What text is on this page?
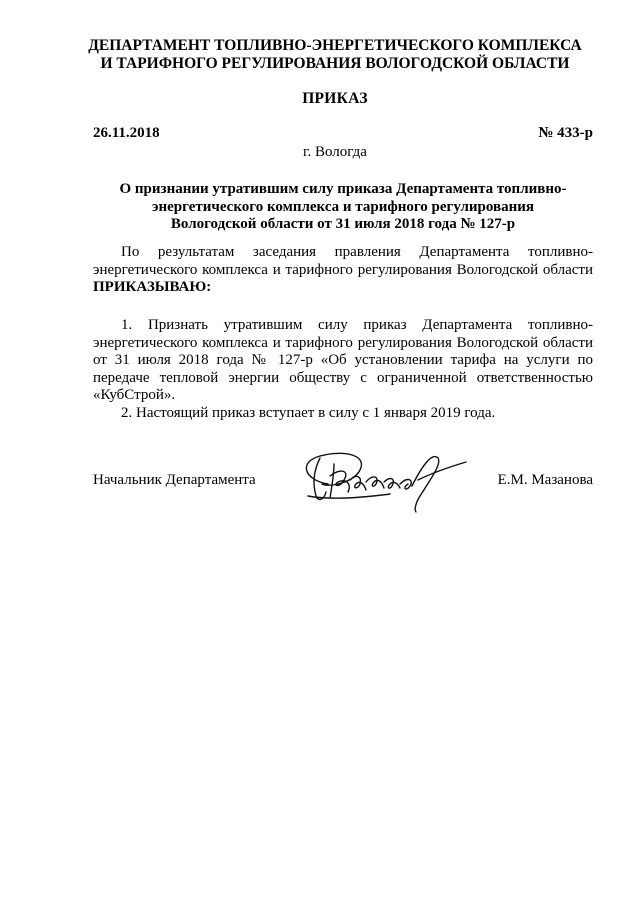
ДЕПАРТАМЕНТ ТОПЛИВНО-ЭНЕРГЕТИЧЕСКОГО КОМПЛЕКСА
И ТАРИФНОГО РЕГУЛИРОВАНИЯ ВОЛОГОДСКОЙ ОБЛАСТИ
ПРИКАЗ
26.11.2018	№ 433-р
г. Вологда
О признании утратившим силу приказа Департамента топливно-
энергетического комплекса и тарифного регулирования
Вологодской области от 31 июля 2018 года № 127-р
По результатам заседания правления Департамента топливно-
энергетического комплекса и тарифного регулирования Вологодской области
ПРИКАЗЫВАЮ:
1. Признать утратившим силу приказ Департамента топливно-
энергетического комплекса и тарифного регулирования Вологодской области
от 31 июля 2018 года № 127-р «Об установлении тарифа на услуги по
передаче тепловой энергии обществу с ограниченной ответственностью
«КубСтрой».
2. Настоящий приказ вступает в силу с 1 января 2019 года.
Начальник Департамента	Е.М. Мазанова
